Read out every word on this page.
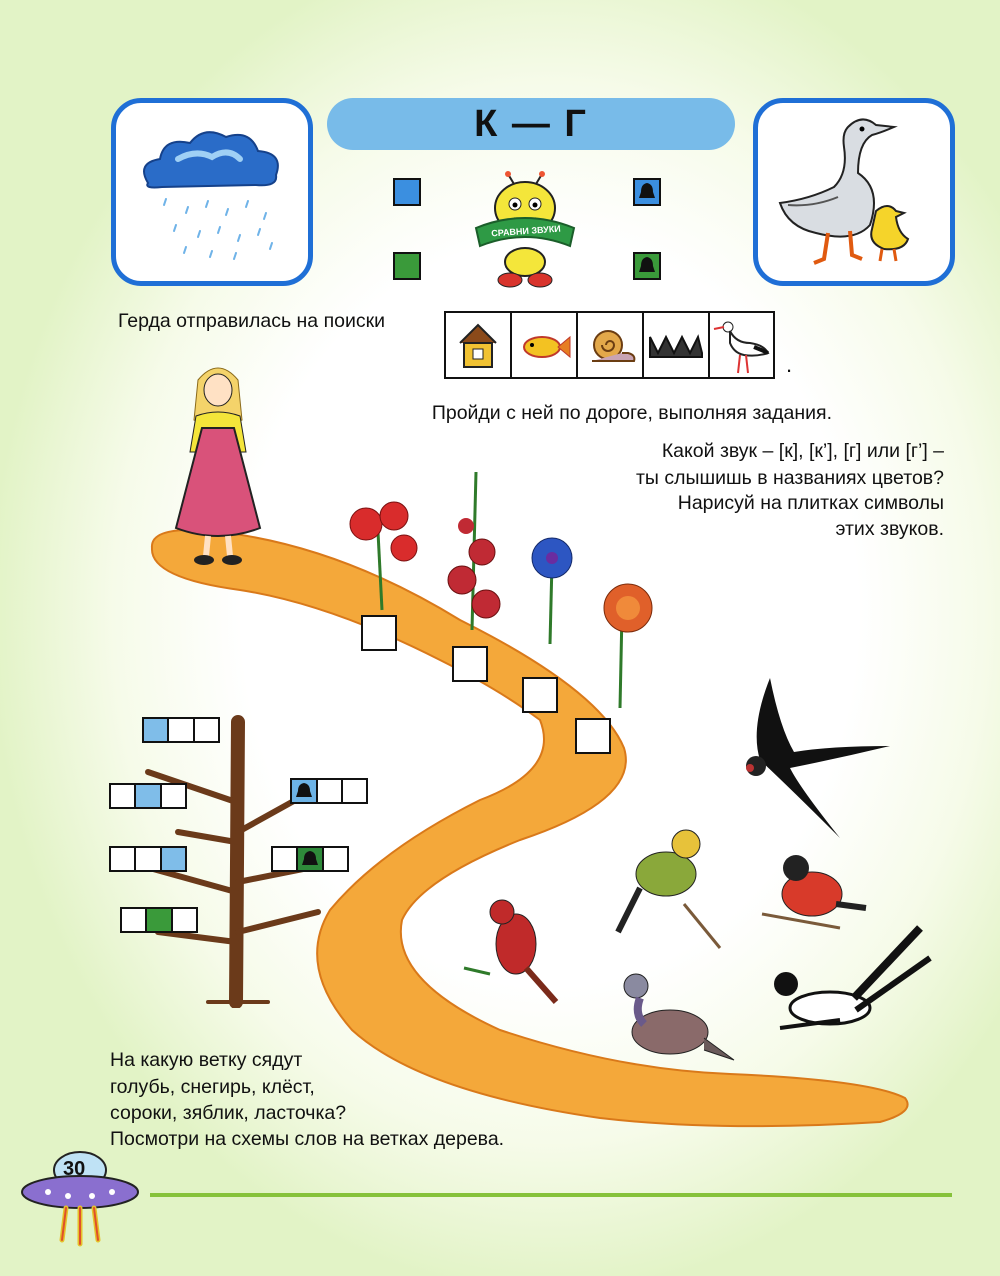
К — Г
СРАВНИ ЗВУКИ
Герда отправилась на поиски
.
Пройди с ней по дороге, выполняя задания.
Какой звук – [к], [к’], [г] или [г’] –
ты слышишь в названиях цветов?
Нарисуй на плитках символы
этих звуков.
На какую ветку сядут
голубь, снегирь, клёст,
сороки, зяблик, ласточка?
Посмотри на схемы слов на ветках дерева.
30
